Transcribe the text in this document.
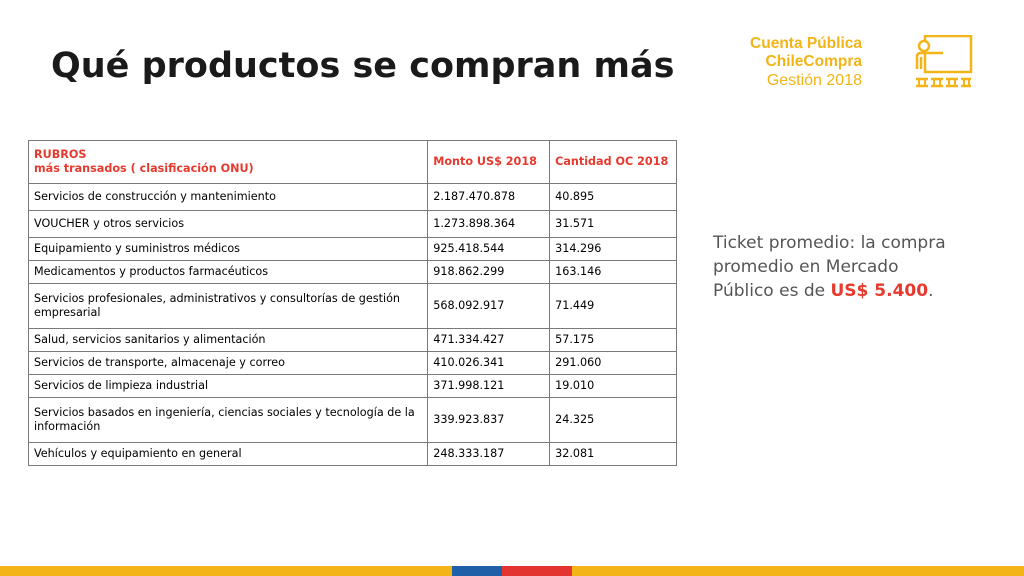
Qué productos se compran más
Cuenta Pública
ChileCompra
Gestión 2018
RUBROS
más transados ( clasificación ONU)	Monto US$ 2018	Cantidad OC 2018
Servicios de construcción y mantenimiento	2.187.470.878	40.895
VOUCHER y otros servicios	1.273.898.364	31.571
Equipamiento y suministros médicos	925.418.544	314.296
Medicamentos y productos farmacéuticos	918.862.299	163.146
Servicios profesionales, administrativos y consultorías de gestión empresarial	568.092.917	71.449
Salud, servicios sanitarios y alimentación	471.334.427	57.175
Servicios de transporte, almacenaje y correo	410.026.341	291.060
Servicios de limpieza industrial	371.998.121	19.010
Servicios basados en ingeniería, ciencias sociales y tecnología de la información	339.923.837	24.325
Vehículos y equipamiento en general	248.333.187	32.081
Ticket promedio: la compra promedio en Mercado Público es de US$ 5.400.
